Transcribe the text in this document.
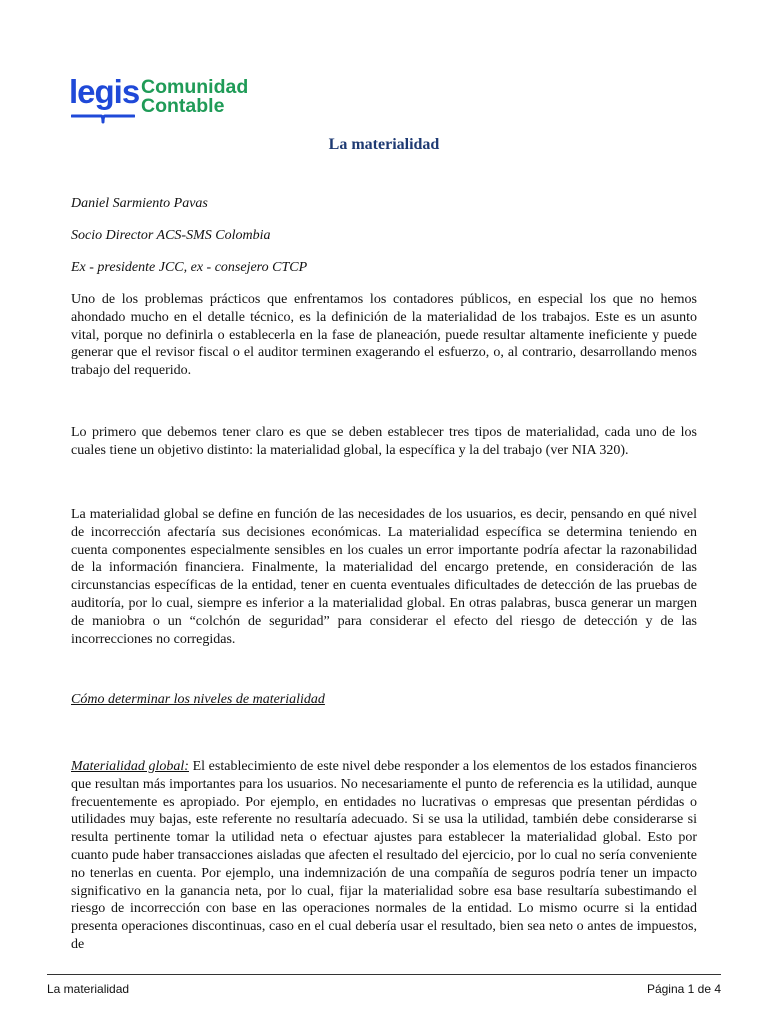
legis Comunidad
Contable
La materialidad
Daniel Sarmiento Pavas
Socio Director ACS-SMS Colombia
Ex - presidente JCC, ex - consejero CTCP

Uno de los problemas prácticos que enfrentamos los contadores públicos, en especial los que no hemos ahondado mucho en el detalle técnico, es la definición de la materialidad de los trabajos. Este es un asunto vital, porque no definirla o establecerla en la fase de planeación, puede resultar altamente ineficiente y puede generar que el revisor fiscal o el auditor terminen exagerando el esfuerzo, o, al contrario, desarrollando menos trabajo del requerido.

Lo primero que debemos tener claro es que se deben establecer tres tipos de materialidad, cada uno de los cuales tiene un objetivo distinto: la materialidad global, la específica y la del trabajo (ver NIA 320).

La materialidad global se define en función de las necesidades de los usuarios, es decir, pensando en qué nivel de incorrección afectaría sus decisiones económicas. La materialidad específica se determina teniendo en cuenta componentes especialmente sensibles en los cuales un error importante podría afectar la razonabilidad de la información financiera. Finalmente, la materialidad del encargo pretende, en consideración de las circunstancias específicas de la entidad, tener en cuenta eventuales dificultades de detección de las pruebas de auditoría, por lo cual, siempre es inferior a la materialidad global. En otras palabras, busca generar un margen de maniobra o un “colchón de seguridad” para considerar el efecto del riesgo de detección y de las incorrecciones no corregidas.

Cómo determinar los niveles de materialidad

Materialidad global: El establecimiento de este nivel debe responder a los elementos de los estados financieros que resultan más importantes para los usuarios. No necesariamente el punto de referencia es la utilidad, aunque frecuentemente es apropiado. Por ejemplo, en entidades no lucrativas o empresas que presentan pérdidas o utilidades muy bajas, este referente no resultaría adecuado. Si se usa la utilidad, también debe considerarse si resulta pertinente tomar la utilidad neta o efectuar ajustes para establecer la materialidad global. Esto por cuanto pude haber transacciones aisladas que afecten el resultado del ejercicio, por lo cual no sería conveniente no tenerlas en cuenta. Por ejemplo, una indemnización de una compañía de seguros podría tener un impacto significativo en la ganancia neta, por lo cual, fijar la materialidad sobre esa base resultaría subestimando el riesgo de incorrección con base en las operaciones normales de la entidad. Lo mismo ocurre si la entidad presenta operaciones discontinuas, caso en el cual debería usar el resultado, bien sea neto o antes de impuestos, de

La materialidad	Página 1 de 4
